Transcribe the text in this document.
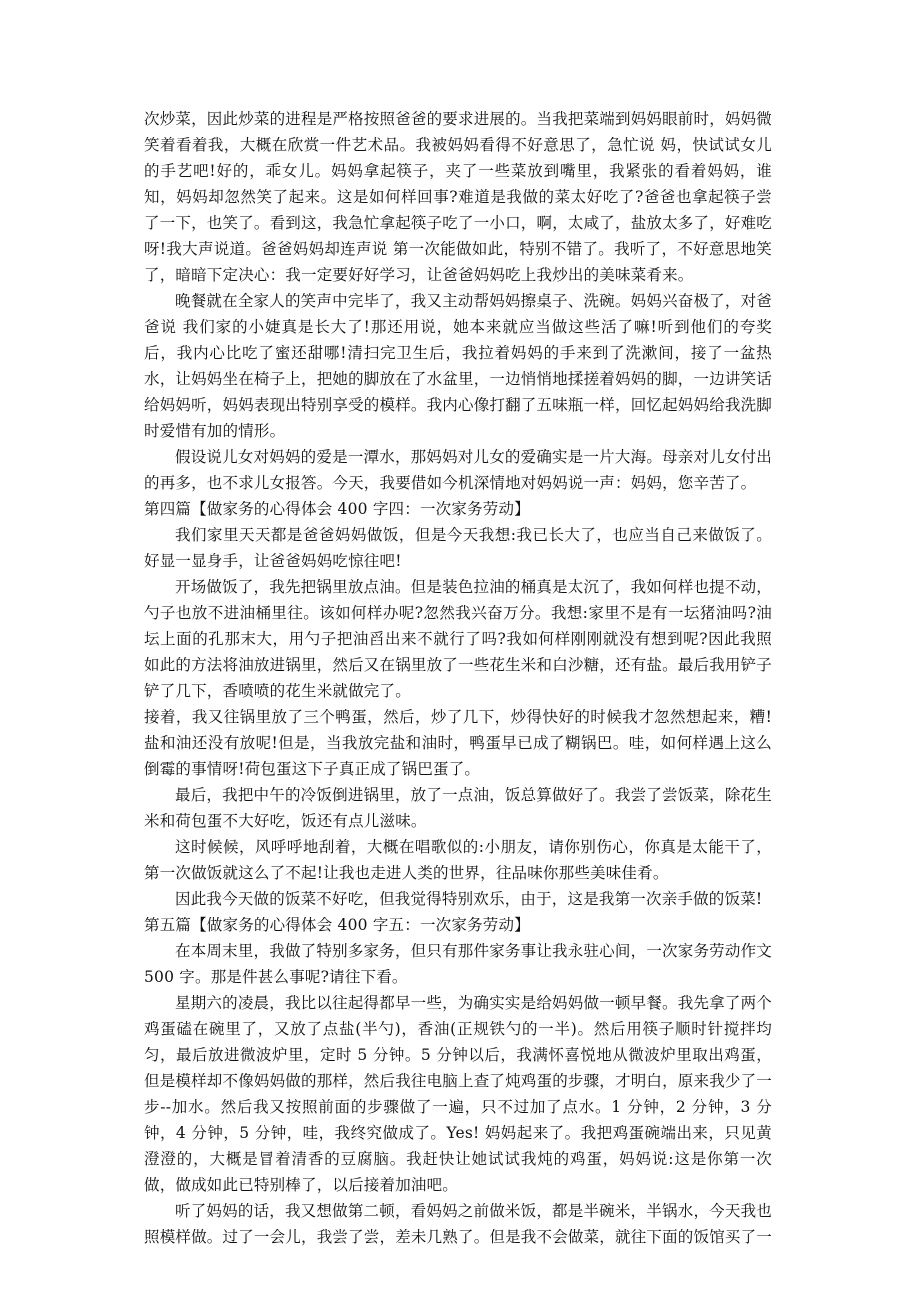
次炒菜，因此炒菜的进程是严格按照爸爸的要求进展的。当我把菜端到妈妈眼前时，妈妈微笑着看着我，大概在欣赏一件艺术品。我被妈妈看得不好意思了，急忙说 妈，快试试女儿的手艺吧!好的，乖女儿。妈妈拿起筷子，夹了一些菜放到嘴里，我紧张的看着妈妈，谁知，妈妈却忽然笑了起来。这是如何样回事?难道是我做的菜太好吃了?爸爸也拿起筷子尝了一下，也笑了。看到这，我急忙拿起筷子吃了一小口，啊，太咸了，盐放太多了，好难吃呀!我大声说道。爸爸妈妈却连声说 第一次能做如此，特别不错了。我听了，不好意思地笑了，暗暗下定决心：我一定要好好学习，让爸爸妈妈吃上我炒出的美味菜肴来。

晚餐就在全家人的笑声中完毕了，我又主动帮妈妈擦桌子、洗碗。妈妈兴奋极了，对爸爸说 我们家的小婕真是长大了!那还用说，她本来就应当做这些活了嘛!听到他们的夸奖后，我内心比吃了蜜还甜哪!清扫完卫生后，我拉着妈妈的手来到了洗漱间，接了一盆热水，让妈妈坐在椅子上，把她的脚放在了水盆里，一边悄悄地揉搓着妈妈的脚，一边讲笑话给妈妈听，妈妈表现出特别享受的模样。我内心像打翻了五味瓶一样，回忆起妈妈给我洗脚时爱惜有加的情形。

假设说儿女对妈妈的爱是一潭水，那妈妈对儿女的爱确实是一片大海。母亲对儿女付出的再多，也不求儿女报答。今天，我要借如今机深情地对妈妈说一声：妈妈，您辛苦了。

第四篇【做家务的心得体会 400 字四：一次家务劳动】

我们家里天天都是爸爸妈妈做饭，但是今天我想:我已长大了，也应当自己来做饭了。好显一显身手，让爸爸妈妈吃惊往吧!

开场做饭了，我先把锅里放点油。但是装色拉油的桶真是太沉了，我如何样也提不动，勺子也放不进油桶里往。该如何样办呢?忽然我兴奋万分。我想:家里不是有一坛猪油吗?油坛上面的孔那末大，用勺子把油舀出来不就行了吗?我如何样刚刚就没有想到呢?因此我照如此的方法将油放进锅里，然后又在锅里放了一些花生米和白沙糖，还有盐。最后我用铲子铲了几下，香喷喷的花生米就做完了。

接着，我又往锅里放了三个鸭蛋，然后，炒了几下，炒得快好的时候我才忽然想起来，糟!盐和油还没有放呢!但是，当我放完盐和油时，鸭蛋早已成了糊锅巴。哇，如何样遇上这么倒霉的事情呀!荷包蛋这下子真正成了锅巴蛋了。

最后，我把中午的冷饭倒进锅里，放了一点油，饭总算做好了。我尝了尝饭菜，除花生米和荷包蛋不大好吃，饭还有点儿滋味。

这时候候，风呼呼地刮着，大概在唱歌似的:小朋友，请你别伤心，你真是太能干了，第一次做饭就这么了不起!让我也走进人类的世界，往品味你那些美味佳肴。

因此我今天做的饭菜不好吃，但我觉得特别欢乐，由于，这是我第一次亲手做的饭菜!

第五篇【做家务的心得体会 400 字五：一次家务劳动】

在本周末里，我做了特别多家务，但只有那件家务事让我永驻心间，一次家务劳动作文 500 字。那是件甚么事呢?请往下看。

星期六的凌晨，我比以往起得都早一些，为确实实是给妈妈做一顿早餐。我先拿了两个鸡蛋磕在碗里了，又放了点盐(半勺)，香油(正规铁勺的一半)。然后用筷子顺时针搅拌均匀，最后放进微波炉里，定时 5 分钟。5 分钟以后，我满怀喜悦地从微波炉里取出鸡蛋，但是模样却不像妈妈做的那样，然后我往电脑上查了炖鸡蛋的步骤，才明白，原来我少了一步--加水。然后我又按照前面的步骤做了一遍，只不过加了点水。1 分钟，2 分钟，3 分钟，4 分钟，5 分钟，哇，我终究做成了。Yes! 妈妈起来了。我把鸡蛋碗端出来，只见黄澄澄的，大概是冒着清香的豆腐脑。我赶快让她试试我炖的鸡蛋，妈妈说:这是你第一次做，做成如此已特别棒了，以后接着加油吧。

听了妈妈的话，我又想做第二顿，看妈妈之前做米饭，都是半碗米，半锅水，今天我也照模样做。过了一会儿，我尝了尝，差未几熟了。但是我不会做菜，就往下面的饭馆买了一
